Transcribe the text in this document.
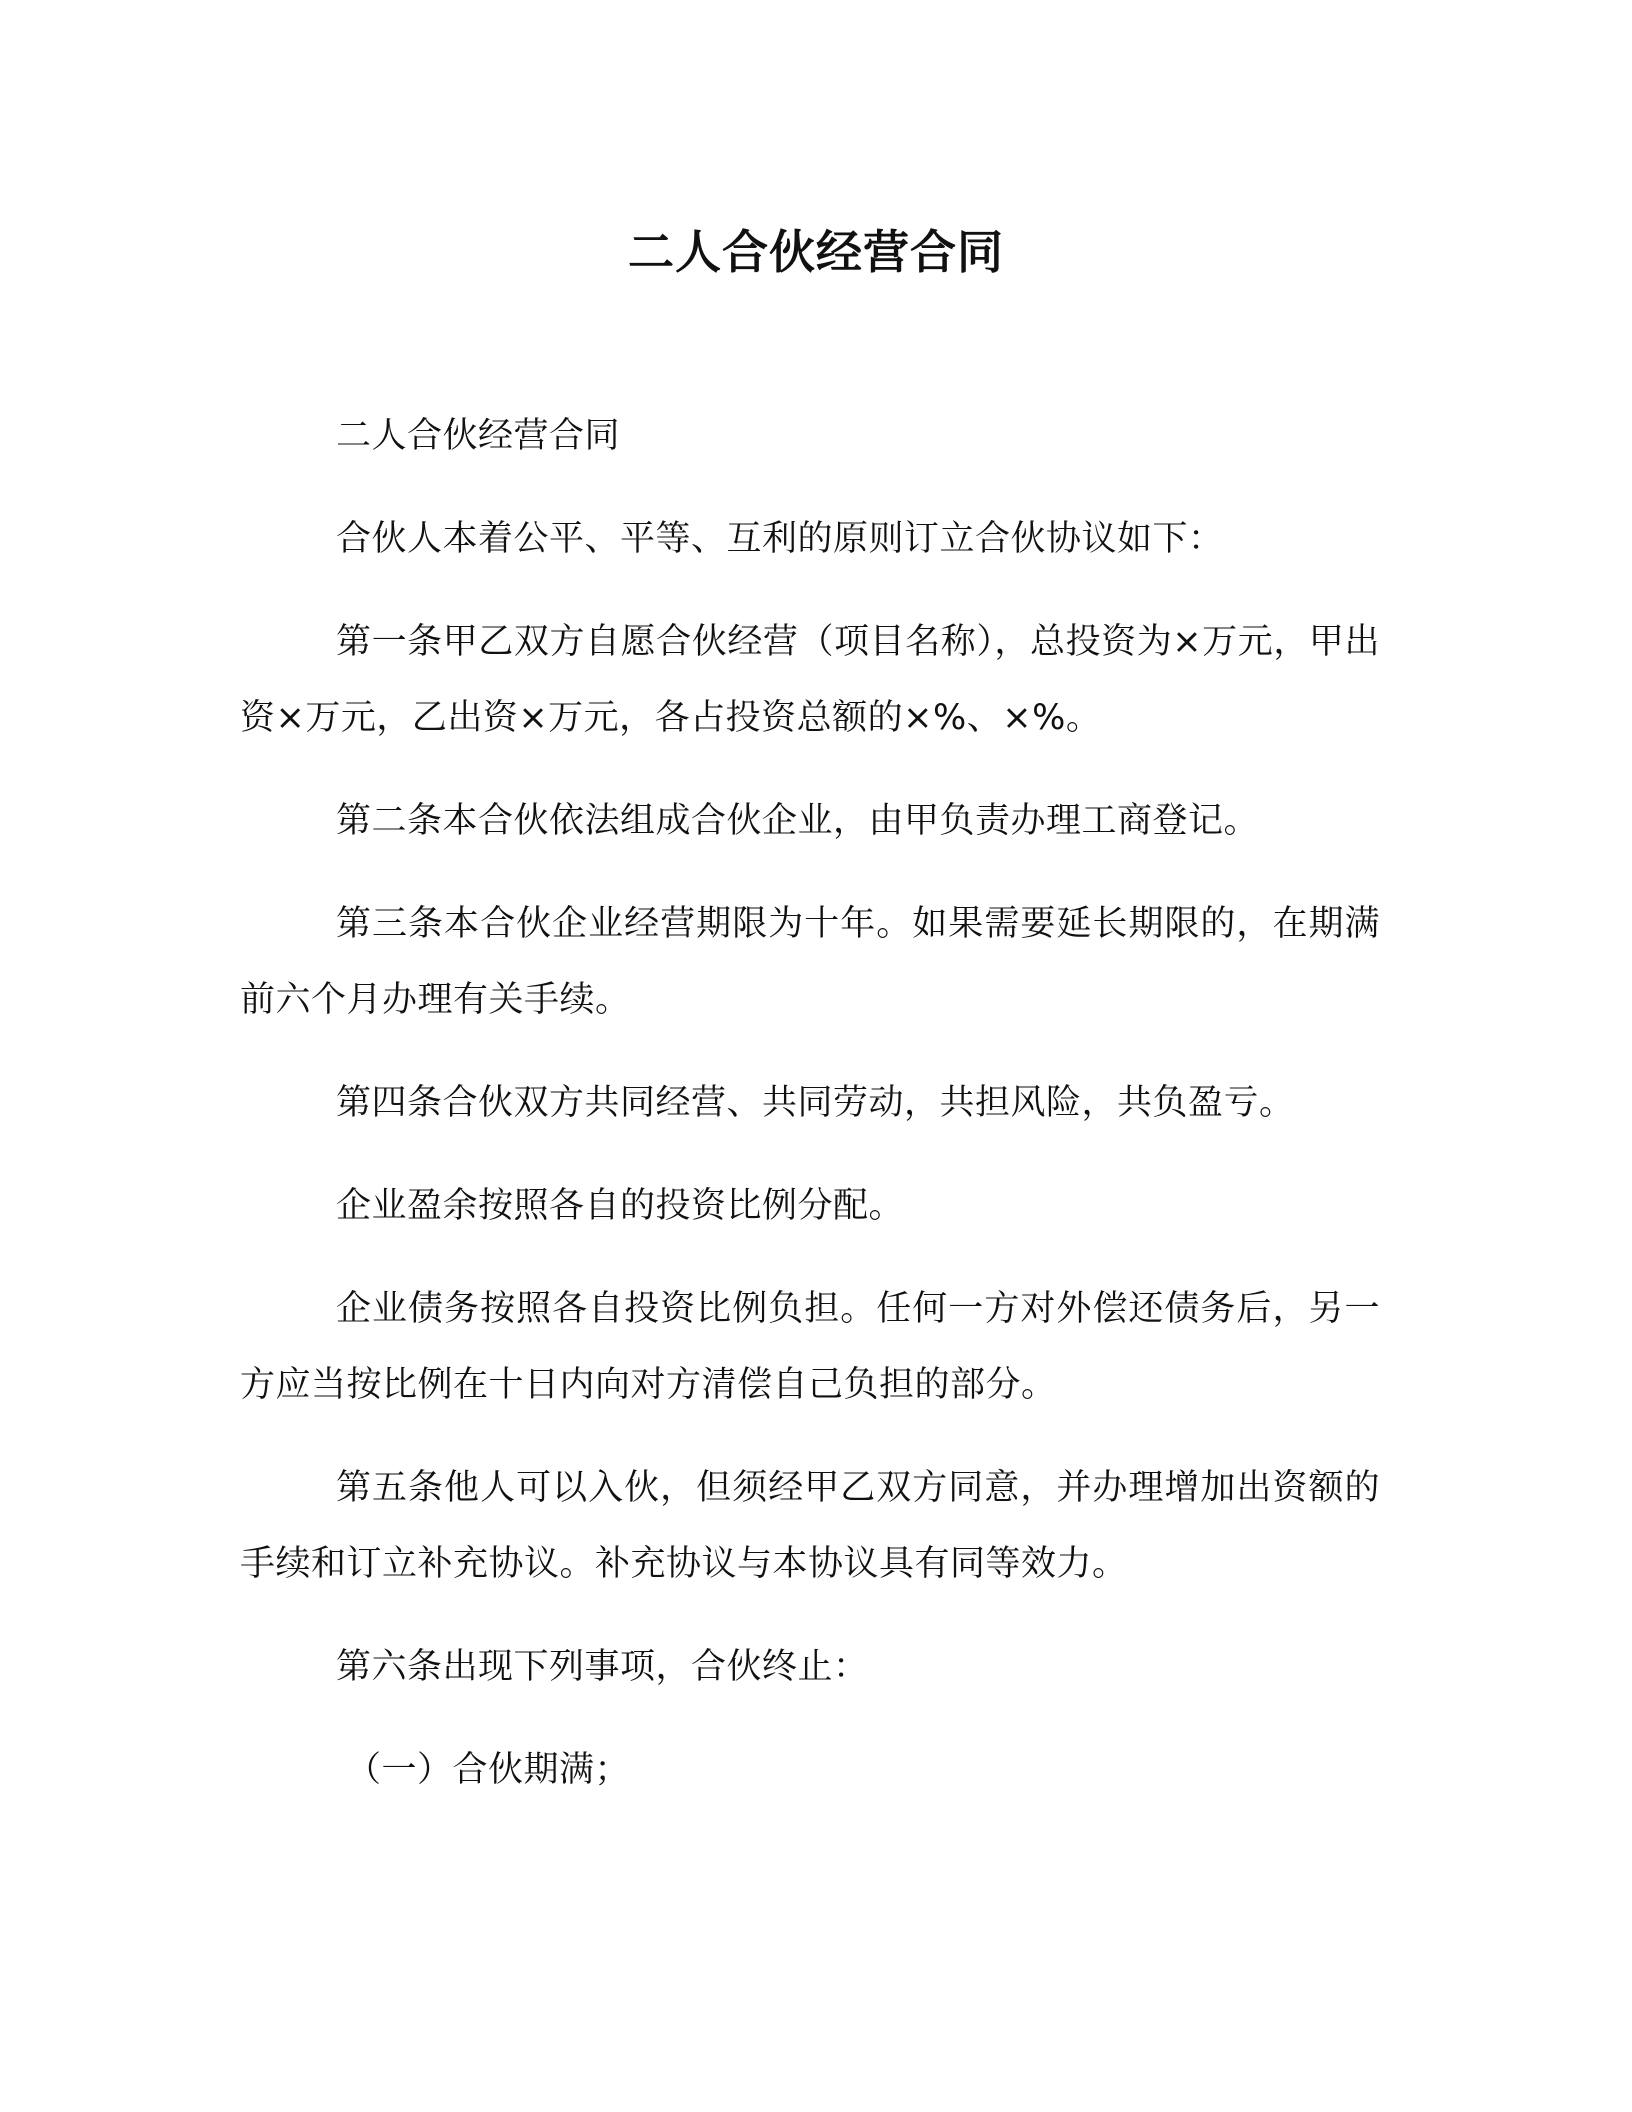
二人合伙经营合同

二人合伙经营合同

合伙人本着公平、平等、互利的原则订立合伙协议如下：

第一条甲乙双方自愿合伙经营（项目名称），总投资为×万元，甲出资×万元，乙出资×万元，各占投资总额的×%、×%。

第二条本合伙依法组成合伙企业，由甲负责办理工商登记。

第三条本合伙企业经营期限为十年。如果需要延长期限的，在期满前六个月办理有关手续。

第四条合伙双方共同经营、共同劳动，共担风险，共负盈亏。

企业盈余按照各自的投资比例分配。

企业债务按照各自投资比例负担。任何一方对外偿还债务后，另一方应当按比例在十日内向对方清偿自己负担的部分。

第五条他人可以入伙，但须经甲乙双方同意，并办理增加出资额的手续和订立补充协议。补充协议与本协议具有同等效力。

第六条出现下列事项，合伙终止：

（一）合伙期满；
